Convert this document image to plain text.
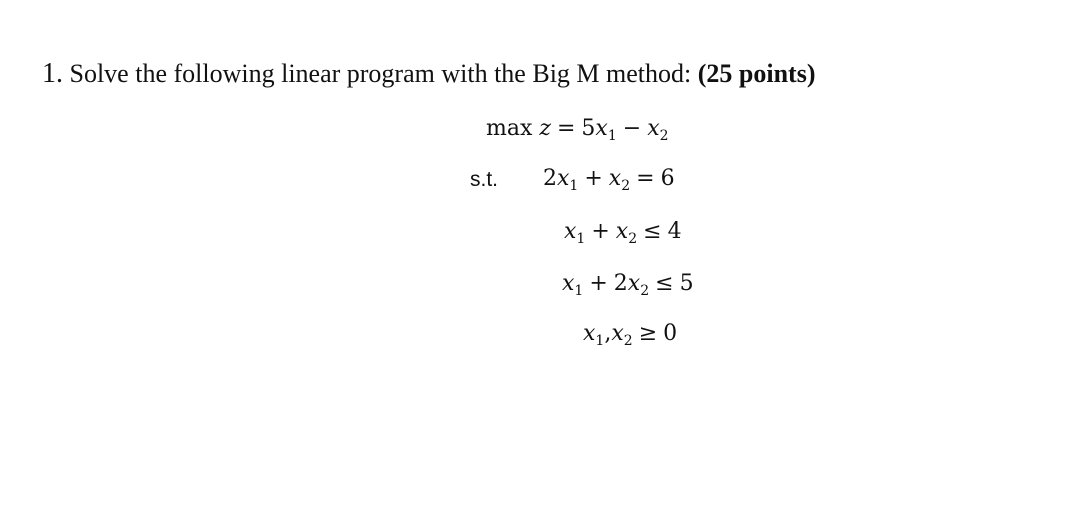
1. Solve the following linear program with the Big M method: (25 points)
$\max z = 5x_1 - x_2$
s.t. $2x_1 + x_2 = 6$
$x_1 + x_2 \le 4$
$x_1 + 2x_2 \le 5$
$x_1,x_2 \ge 0$
